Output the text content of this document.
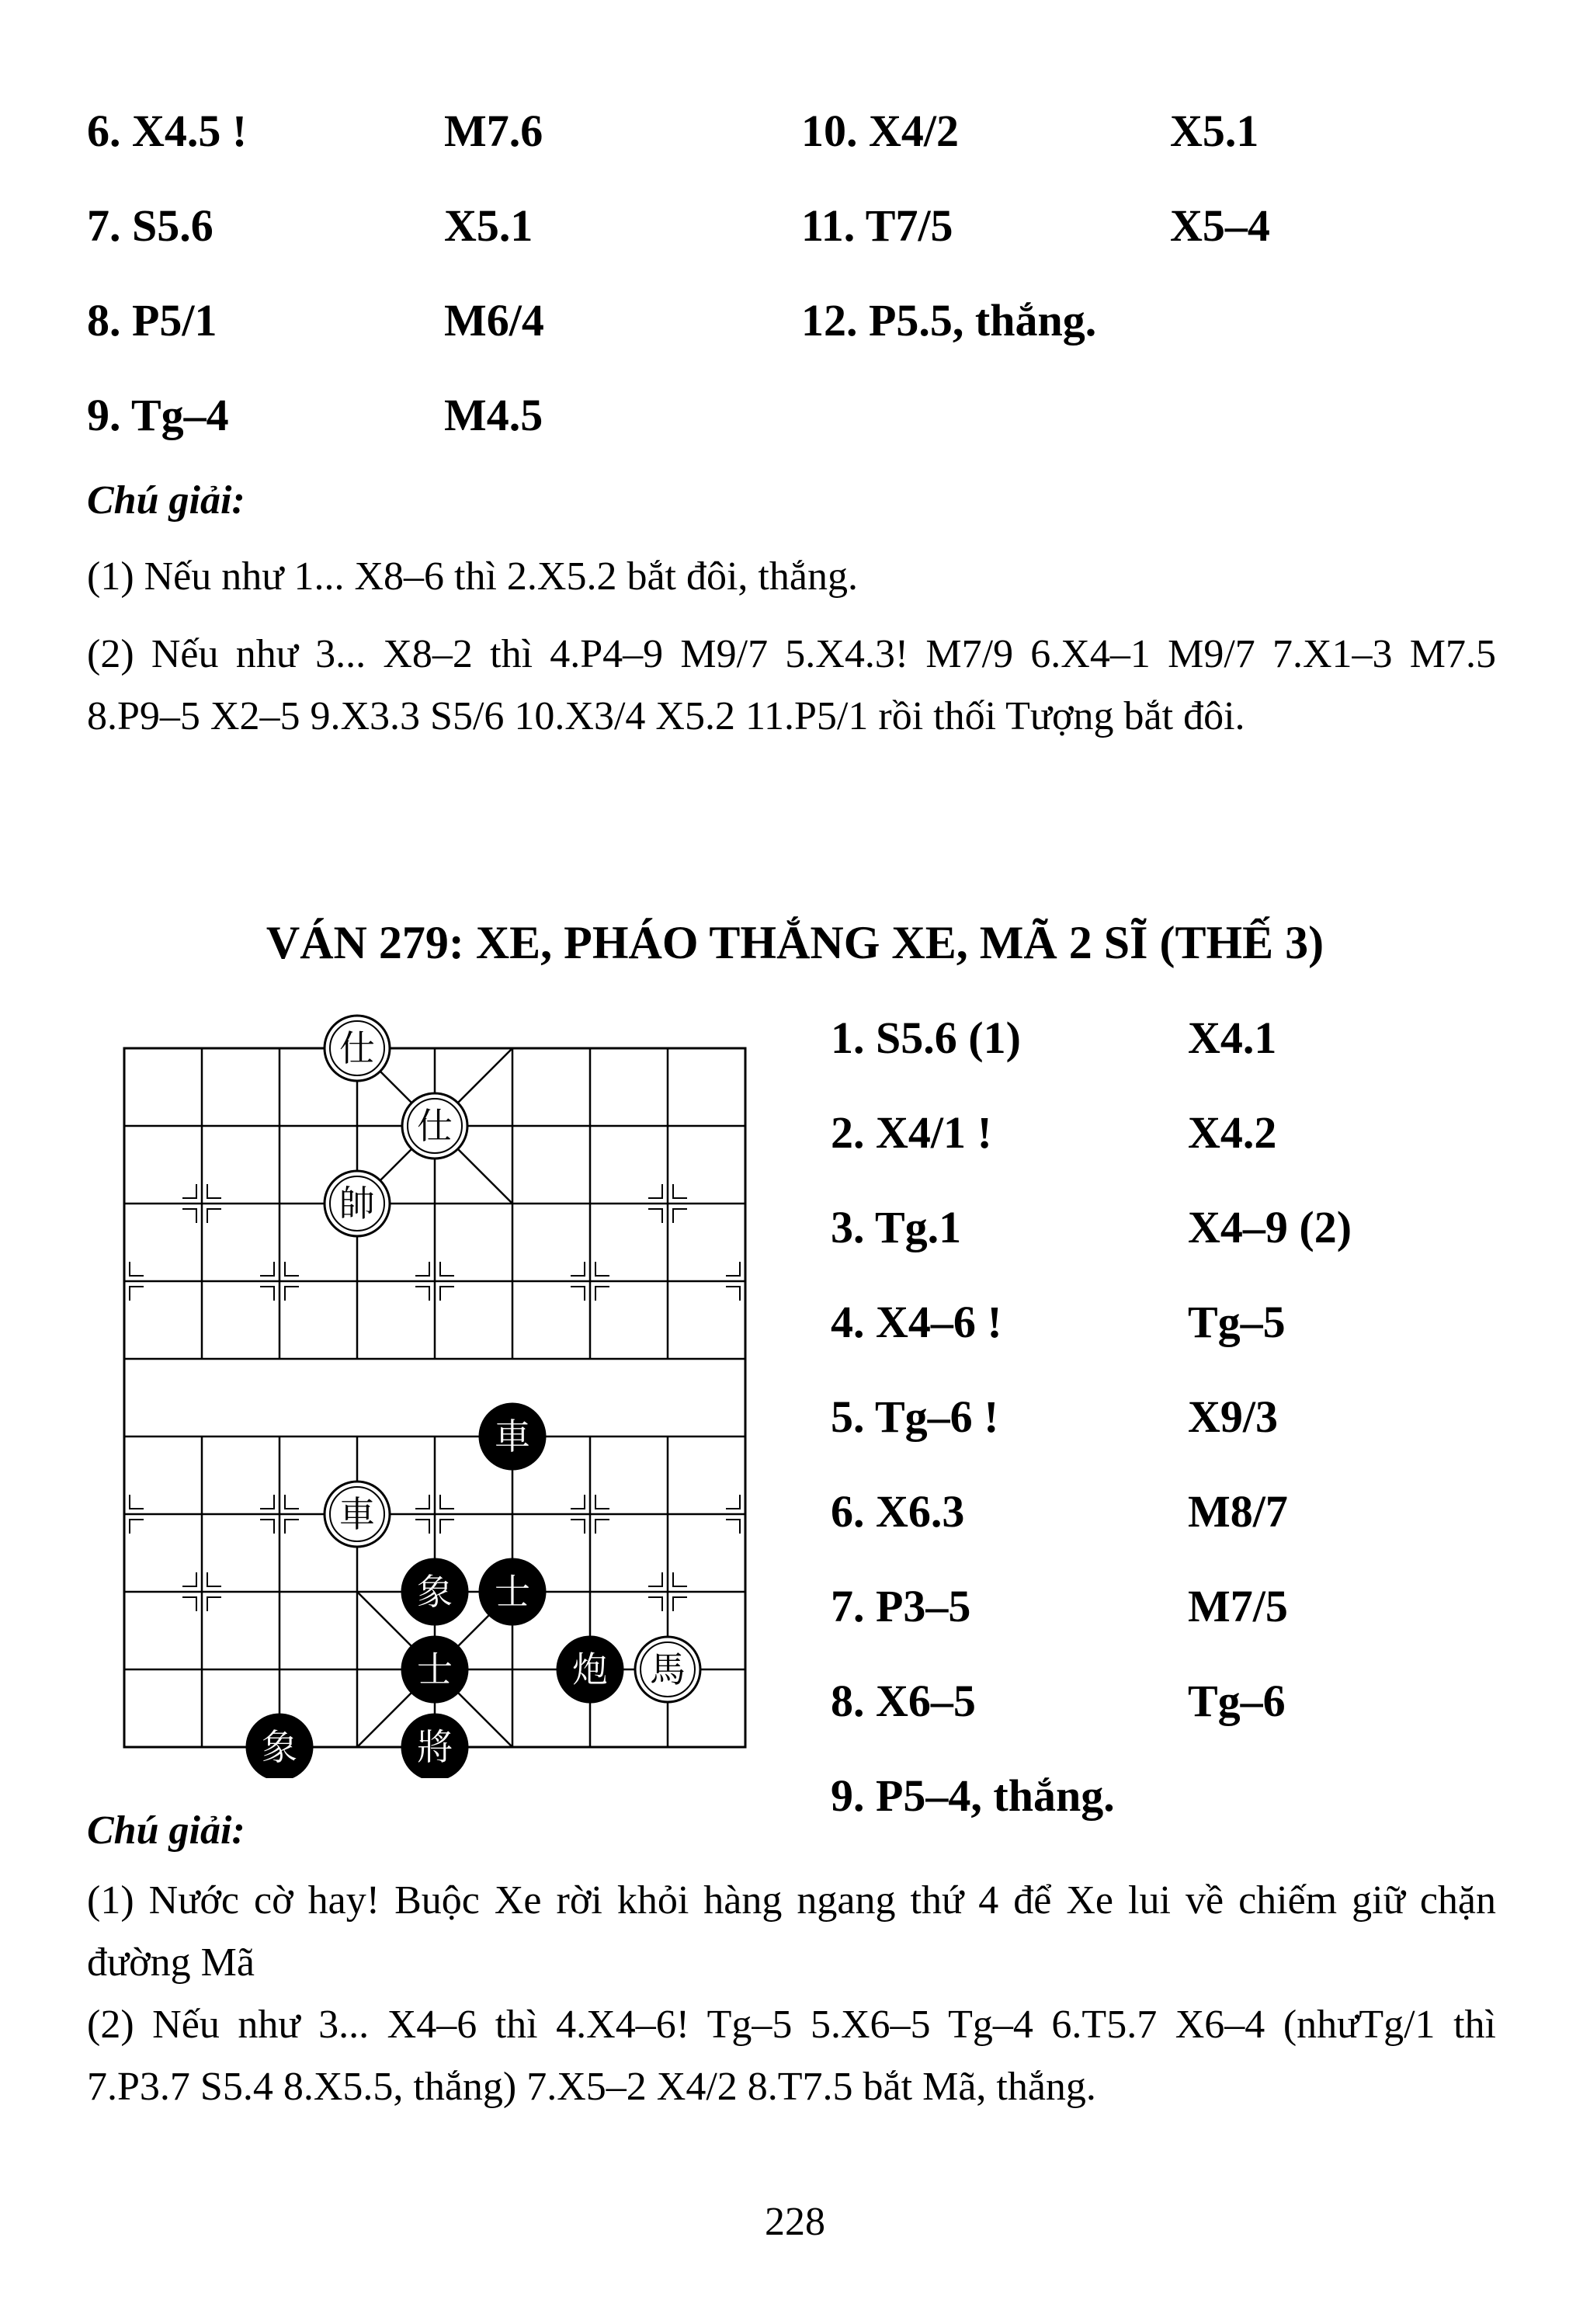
6. X4.5 !	M7.6	10. X4/2	X5.1
7. S5.6	X5.1	11. T7/5	X5–4
8. P5/1	M6/4	12. P5.5, thắng.
9. Tg–4	M4.5
Chú giải:

(1) Nếu như 1... X8–6 thì 2.X5.2 bắt đôi, thắng.

(2) Nếu như 3... X8–2 thì 4.P4–9 M9/7 5.X4.3! M7/9 6.X4–1 M9/7 7.X1–3 M7.5 8.P9–5 X2–5 9.X3.3 S5/6 10.X3/4 X5.2 11.P5/1 rồi thối Tượng bắt đôi.

VÁN 279: XE, PHÁO THẮNG XE, MÃ 2 SĨ (THẾ 3)
仕
仕
帥
車
車
象 士
士	炮 馬
象	將
1. S5.6 (1)	X4.1
2. X4/1 !	X4.2
3. Tg.1	X4–9 (2)
4. X4–6 !	Tg–5
5. Tg–6 !	X9/3
6. X6.3	M8/7
7. P3–5	M7/5
8. X6–5	Tg–6
9. P5–4, thắng.
Chú giải:

(1) Nước cờ hay! Buộc Xe rời khỏi hàng ngang thứ 4 để Xe lui về chiếm giữ chặn đường Mã

(2) Nếu như 3... X4–6 thì 4.X4–6! Tg–5 5.X6–5 Tg–4 6.T5.7 X6–4 (nhưTg/1 thì 7.P3.7 S5.4 8.X5.5, thắng) 7.X5–2 X4/2 8.T7.5 bắt Mã, thắng.

228
